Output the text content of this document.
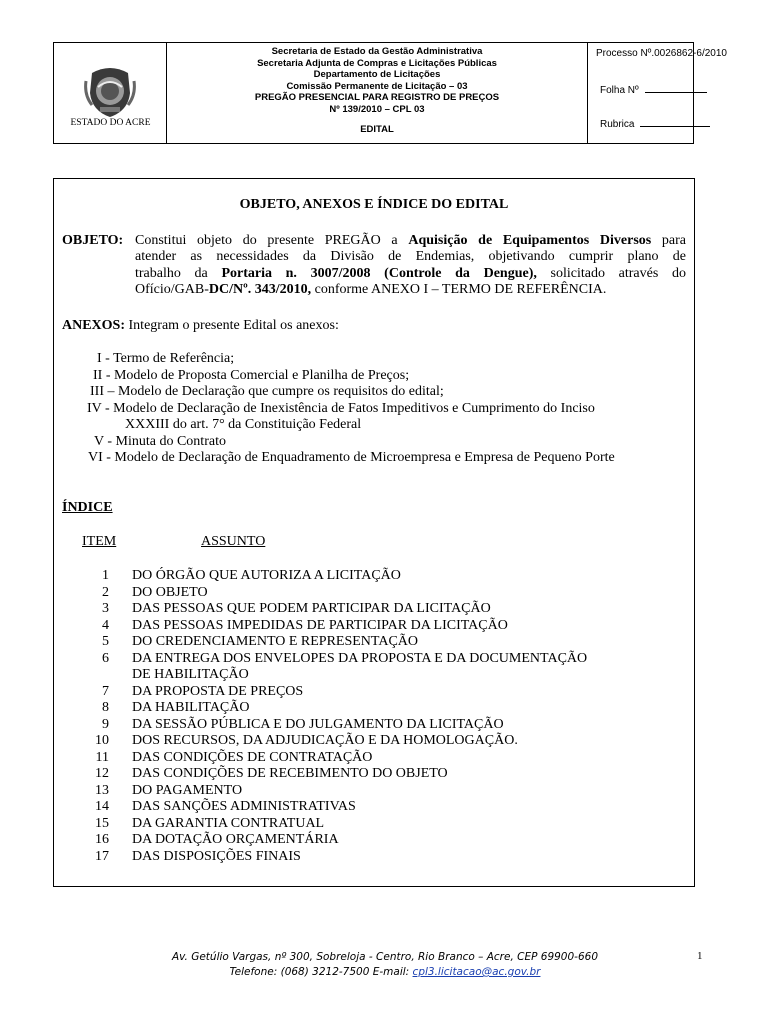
ESTADO DO ACRE
Secretaria de Estado da Gestão Administrativa
Secretaria Adjunta de Compras e Licitações Públicas
Departamento de Licitações
Comissão Permanente de Licitação – 03
PREGÃO PRESENCIAL PARA REGISTRO DE PREÇOS
Nº 139/2010 – CPL 03
EDITAL
Processo Nº.0026862-6/2010
Folha Nº
Rubrica
OBJETO, ANEXOS E ÍNDICE DO EDITAL
OBJETO: Constitui objeto do presente PREGÃO a Aquisição de Equipamentos Diversos para
atender as necessidades da Divisão de Endemias, objetivando cumprir plano de
trabalho da Portaria n. 3007/2008 (Controle da Dengue), solicitado através do
Ofício/GAB-DC/Nº. 343/2010, conforme ANEXO I – TERMO DE REFERÊNCIA.
ANEXOS: Integram o presente Edital os anexos:
I - Termo de Referência;
II - Modelo de Proposta Comercial e Planilha de Preços;
III – Modelo de Declaração que cumpre os requisitos do edital;
IV - Modelo de Declaração de Inexistência de Fatos Impeditivos e Cumprimento do Inciso
XXXIII do art. 7° da Constituição Federal
V - Minuta do Contrato
VI - Modelo de Declaração de Enquadramento de Microempresa e Empresa de Pequeno Porte
ÍNDICE
ITEM	ASSUNTO
1 DO ÓRGÃO QUE AUTORIZA A LICITAÇÃO
2 DO OBJETO
3 DAS PESSOAS QUE PODEM PARTICIPAR DA LICITAÇÃO
4 DAS PESSOAS IMPEDIDAS DE PARTICIPAR DA LICITAÇÃO
5 DO CREDENCIAMENTO E REPRESENTAÇÃO
6 DA ENTREGA DOS ENVELOPES DA PROPOSTA E DA DOCUMENTAÇÃO
DE HABILITAÇÃO
7 DA PROPOSTA DE PREÇOS
8 DA HABILITAÇÃO
9 DA SESSÃO PÚBLICA E DO JULGAMENTO DA LICITAÇÃO
10 DOS RECURSOS, DA ADJUDICAÇÃO E DA HOMOLOGAÇÃO.
11 DAS CONDIÇÕES DE CONTRATAÇÃO
12 DAS CONDIÇÕES DE RECEBIMENTO DO OBJETO
13 DO PAGAMENTO
14 DAS SANÇÕES ADMINISTRATIVAS
15 DA GARANTIA CONTRATUAL
16 DA DOTAÇÃO ORÇAMENTÁRIA
17 DAS DISPOSIÇÕES FINAIS
Av. Getúlio Vargas, nº 300, Sobreloja - Centro, Rio Branco – Acre, CEP 69900-660
Telefone: (068) 3212-7500 E-mail: cpl3.licitacao@ac.gov.br
1
